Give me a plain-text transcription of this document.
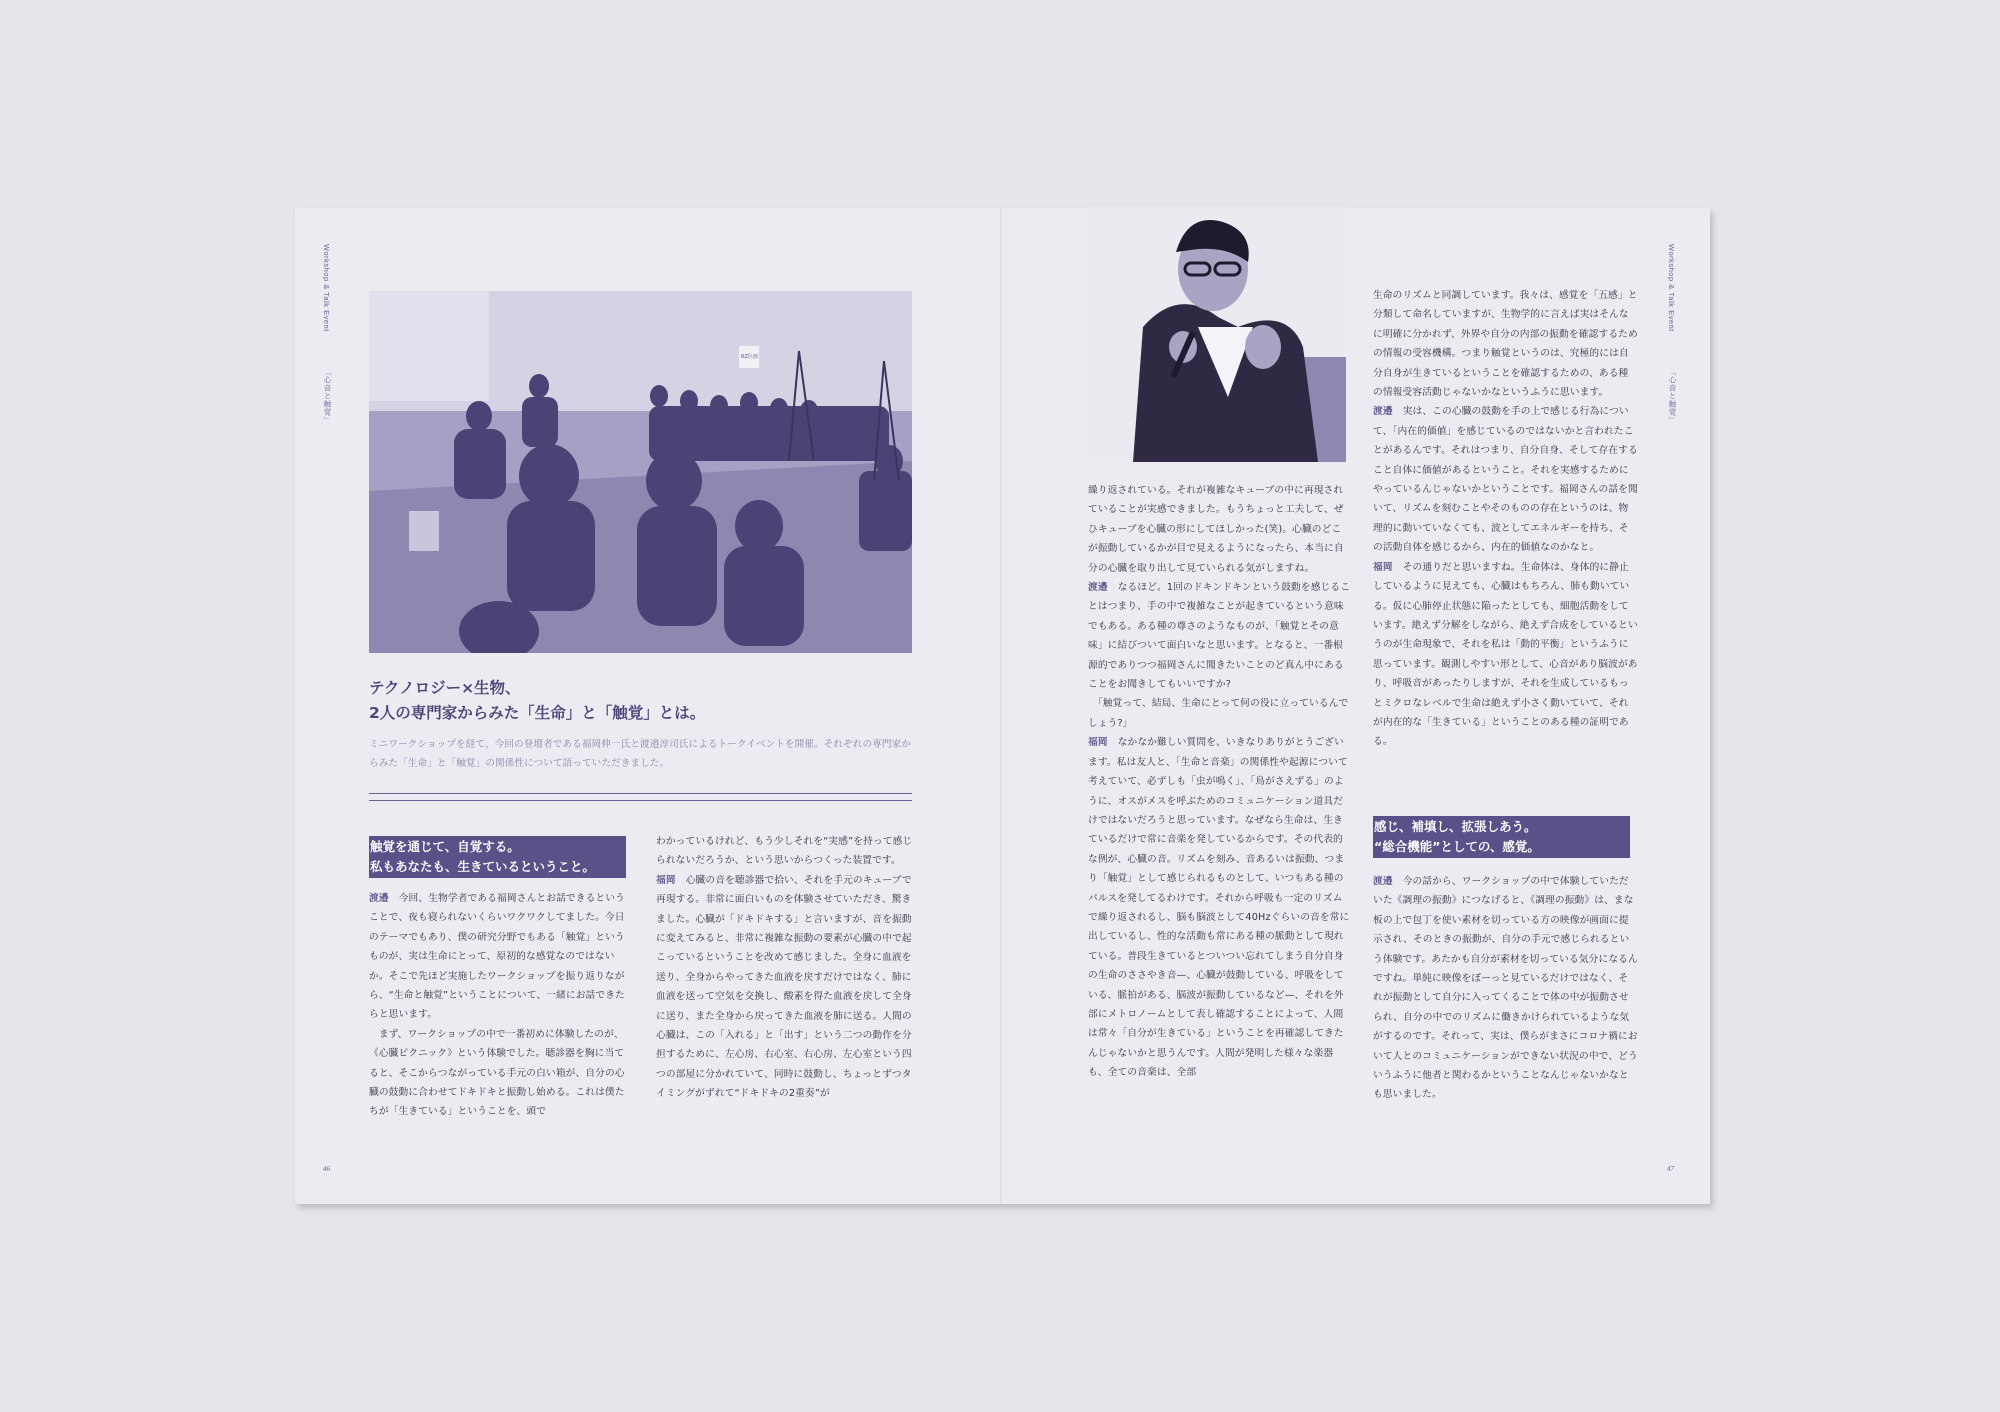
Workshop & Talk Event
「心音と触覚」
Workshop & Talk Event
「心音と触覚」
46	47
RZ区画
テクノロジー×生物、
2人の専門家からみた「生命」と「触覚」とは。
ミニワークショップを経て、今回の登壇者である福岡伸一氏と渡邉淳司氏によるトークイベントを開催。それぞれの専門家からみた「生命」と「触覚」の関係性について語っていただきました。
触覚を通じて、自覚する。
私もあなたも、生きているということ。

渡邉 今回、生物学者である福岡さんとお話できるということで、夜も寝られないくらいワクワクしてました。今日のテーマでもあり、僕の研究分野でもある「触覚」というものが、実は生命にとって、原初的な感覚なのではないか。そこで先ほど実施したワークショップを振り返りながら、“生命と触覚”ということについて、一緒にお話できたらと思います。

　まず、ワークショップの中で一番初めに体験したのが、《心臓ピクニック》という体験でした。聴診器を胸に当てると、そこからつながっている手元の白い箱が、自分の心臓の鼓動に合わせてドキドキと振動し始める。これは僕たちが「生きている」ということを、頭で

わかっているけれど、もう少しそれを“実感”を持って感じられないだろうか、という思いからつくった装置です。

福岡 心臓の音を聴診器で拾い、それを手元のキューブで再現する。非常に面白いものを体験させていただき、驚きました。心臓が「ドキドキする」と言いますが、音を振動に変えてみると、非常に複雑な振動の要素が心臓の中で起こっているということを改めて感じました。全身に血液を送り、全身からやってきた血液を戻すだけではなく、肺に血液を送って空気を交換し、酸素を得た血液を戻して全身に送り、また全身から戻ってきた血液を肺に送る。人間の心臓は、この「入れる」と「出す」という二つの動作を分担するために、左心房、右心室、右心房、左心室という四つの部屋に分かれていて、同時に鼓動し、ちょっとずつタイミングがずれて“ドキドキの2重奏”が

繰り返されている。それが複雑なキューブの中に再現されていることが実感できました。もうちょっと工夫して、ぜひキューブを心臓の形にしてほしかった(笑)。心臓のどこが振動しているかが目で見えるようになったら、本当に自分の心臓を取り出して見ていられる気がしますね。

渡邉 なるほど。1回のドキンドキンという鼓動を感じることはつまり、手の中で複雑なことが起きているという意味でもある。ある種の尊さのようなものが、「触覚とその意味」に結びついて面白いなと思います。となると、一番根源的でありつつ福岡さんに聞きたいことのど真ん中にあることをお聞きしてもいいですか?

　「触覚って、結局、生命にとって何の役に立っているんでしょう?」

福岡 なかなか難しい質問を、いきなりありがとうございます。私は友人と、「生命と音楽」の関係性や起源について考えていて、必ずしも「虫が鳴く」、「鳥がさえずる」のように、オスがメスを呼ぶためのコミュニケーション道具だけではないだろうと思っています。なぜなら生命は、生きているだけで常に音楽を発しているからです。その代表的な例が、心臓の音。リズムを刻み、音あるいは振動、つまり「触覚」として感じられるものとして、いつもある種のパルスを発してるわけです。それから呼吸も一定のリズムで繰り返されるし、脳も脳波として40Hzぐらいの音を常に出しているし、性的な活動も常にある種の脈動として現れている。普段生きているとついつい忘れてしまう自分自身の生命のささやき音—、心臓が鼓動している、呼吸をしている、脈拍がある、脳波が振動しているなど—、それを外部にメトロノームとして表し確認することによって、人間は常々「自分が生きている」ということを再確認してきたんじゃないかと思うんです。人間が発明した様々な楽器も、全ての音楽は、全部

生命のリズムと同調しています。我々は、感覚を「五感」と分類して命名していますが、生物学的に言えば実はそんなに明確に分かれず、外界や自分の内部の振動を確認するための情報の受容機構。つまり触覚というのは、究極的には自分自身が生きているということを確認するための、ある種の情報受容活動じゃないかなというふうに思います。

渡邉 実は、この心臓の鼓動を手の上で感じる行為について、「内在的価値」を感じているのではないかと言われたことがあるんです。それはつまり、自分自身、そして存在すること自体に価値があるということ。それを実感するためにやっているんじゃないかということです。福岡さんの話を聞いて、リズムを刻むことやそのものの存在というのは、物理的に動いていなくても、波としてエネルギーを持ち、その活動自体を感じるから、内在的価値なのかなと。

福岡 その通りだと思いますね。生命体は、身体的に静止しているように見えても、心臓はもちろん、肺も動いている。仮に心肺停止状態に陥ったとしても、細胞活動をしています。絶えず分解をしながら、絶えず合成をしているというのが生命現象で、それを私は「動的平衡」というふうに思っています。観測しやすい形として、心音があり脳波があり、呼吸音があったりしますが、それを生成しているもっとミクロなレベルで生命は絶えず小さく動いていて、それが内在的な「生きている」ということのある種の証明である。

感じ、補填し、拡張しあう。
“総合機能”としての、感覚。

渡邉 今の話から、ワークショップの中で体験していただいた《調理の振動》につなげると、《調理の振動》は、まな板の上で包丁を使い素材を切っている方の映像が画面に提示され、そのときの振動が、自分の手元で感じられるという体験です。あたかも自分が素材を切っている気分になるんですね。単純に映像をぼーっと見ているだけではなく、それが振動として自分に入ってくることで体の中が振動させられ、自分の中でのリズムに働きかけられているような気がするのです。それって、実は、僕らがまさにコロナ禍において人とのコミュニケーションができない状況の中で、どういうふうに他者と関わるかということなんじゃないかなとも思いました。
